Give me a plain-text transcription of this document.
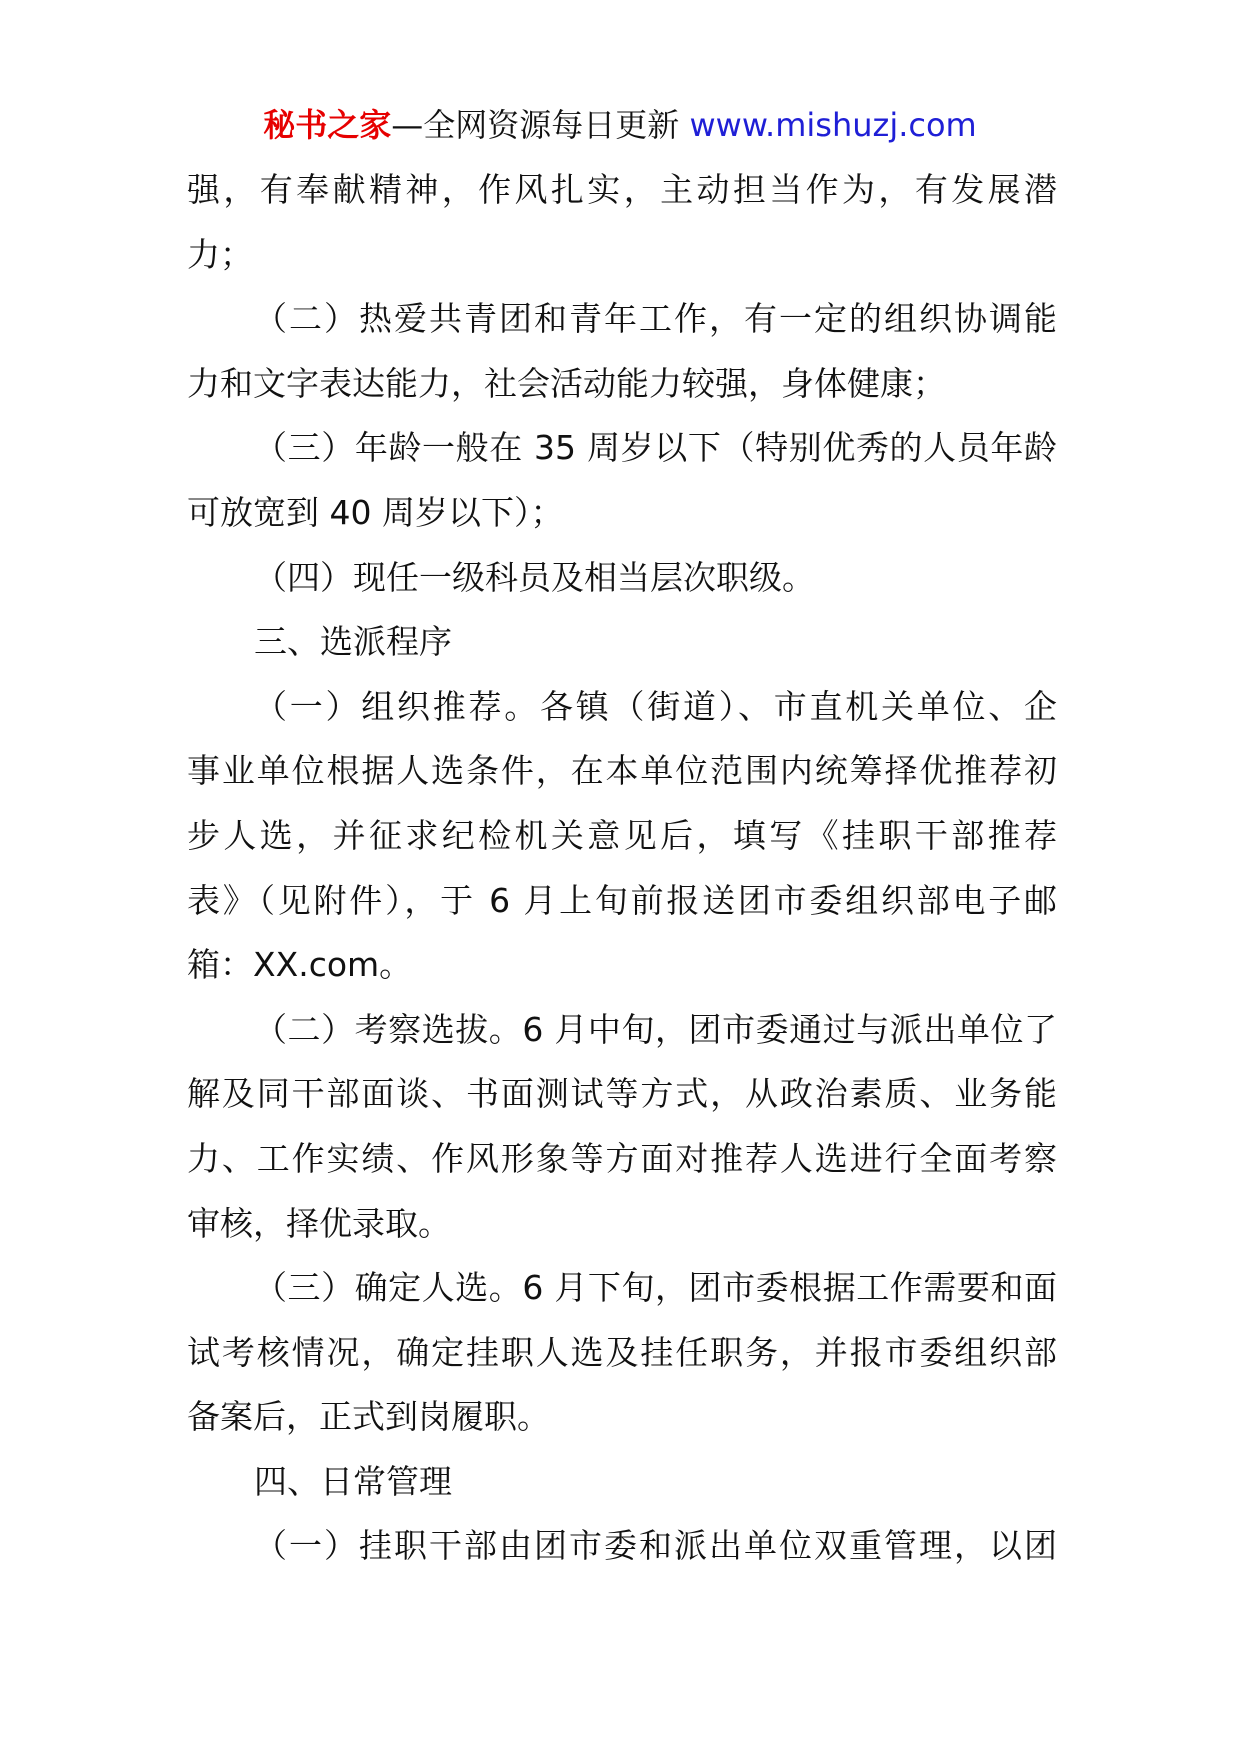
秘书之家—全网资源每日更新 www.mishuzj.com
强，有奉献精神，作风扎实，主动担当作为，有发展潜
力；
（二）热爱共青团和青年工作，有一定的组织协调能
力和文字表达能力，社会活动能力较强，身体健康；
（三）年龄一般在 35 周岁以下（特别优秀的人员年龄
可放宽到 40 周岁以下）；
（四）现任一级科员及相当层次职级。
三、选派程序
（一）组织推荐。各镇（街道）、市直机关单位、企
事业单位根据人选条件，在本单位范围内统筹择优推荐初
步人选，并征求纪检机关意见后，填写《挂职干部推荐
表》（见附件），于 6 月上旬前报送团市委组织部电子邮
箱：XX.com。
（二）考察选拔。6 月中旬，团市委通过与派出单位了
解及同干部面谈、书面测试等方式，从政治素质、业务能
力、工作实绩、作风形象等方面对推荐人选进行全面考察
审核，择优录取。
（三）确定人选。6 月下旬，团市委根据工作需要和面
试考核情况，确定挂职人选及挂任职务，并报市委组织部
备案后，正式到岗履职。
四、日常管理
（一）挂职干部由团市委和派出单位双重管理，以团
